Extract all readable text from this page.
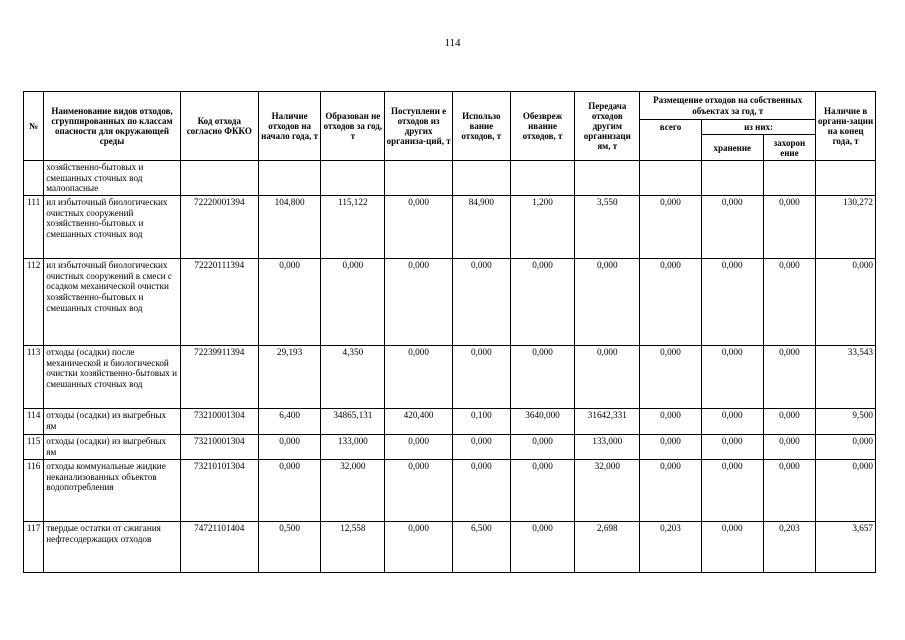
114
№	Наименование видов отходов, сгруппированных по классам опасности для окружающей среды	Код отхода согласно ФККО	Наличие отходов на начало года, т	Образован не отходов за год, т	Поступлени е отходов из других организа-ций, т	Использо вание отходов, т	Обезвреж ивание отходов, т	Передача отходов другим организаци ям, т	Размещение отходов на собственных объектах за год, т			Наличие в органи-зации на конец года, т
									всего	из них:		
										хранение	захорон ение	
	хозяйственно-бытовых и смешанных сточных вод малоопасные											
111	ил избыточный биологических очистных сооружений хозяйственно-бытовых и смешанных сточных вод	72220001394	104,800	115,122	0,000	84,900	1,200	3,550	0,000	0,000	0,000	130,272
112	ил избыточный биологических очистных сооружений в смеси с осадком механической очистки хозяйственно-бытовых и смешанных сточных вод	72220111394	0,000	0,000	0,000	0,000	0,000	0,000	0,000	0,000	0,000	0,000
113	отходы (осадки) после механической и биологической очистки хозяйственно-бытовых и смешанных сточных вод	72239911394	29,193	4,350	0,000	0,000	0,000	0,000	0,000	0,000	0,000	33,543
114	отходы (осадки) из выгребных ям	73210001304	6,400	34865,131	420,400	0,100	3640,000	31642,331	0,000	0,000	0,000	9,500
115	отходы (осадки) из выгребных ям	73210001304	0,000	133,000	0,000	0,000	0,000	133,000	0,000	0,000	0,000	0,000
116	отходы коммунальные жидкие неканализованных объектов водопотребления	73210101304	0,000	32,000	0,000	0,000	0,000	32,000	0,000	0,000	0,000	0,000
117	твердые остатки от сжигания нефтесодержащих отходов	74721101404	0,500	12,558	0,000	6,500	0,000	2,698	0,203	0,000	0,203	3,657
